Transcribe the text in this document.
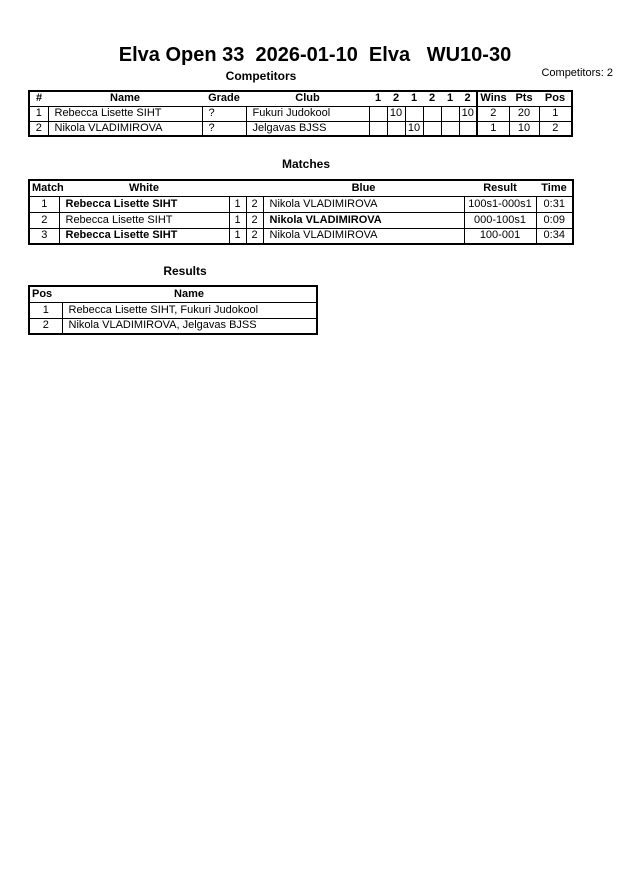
Elva Open 33  2026-01-10  Elva   WU10-30
Competitors: 2
Competitors
#	Name	Grade	Club	1	2	1	2	1	2	Wins	Pts	Pos
1	Rebecca Lisette SIHT	?	Fukuri Judokool		10				10	2	20	1
2	Nikola VLADIMIROVA	?	Jelgavas BJSS			10				1	10	2
Matches
Match	White			Blue	Result	Time
1	Rebecca Lisette SIHT	1	2	Nikola VLADIMIROVA	100s1-000s1	0:31
2	Rebecca Lisette SIHT	1	2	Nikola VLADIMIROVA	000-100s1	0:09
3	Rebecca Lisette SIHT	1	2	Nikola VLADIMIROVA	100-001	0:34
Results
Pos	Name
1	Rebecca Lisette SIHT, Fukuri Judokool
2	Nikola VLADIMIROVA, Jelgavas BJSS
